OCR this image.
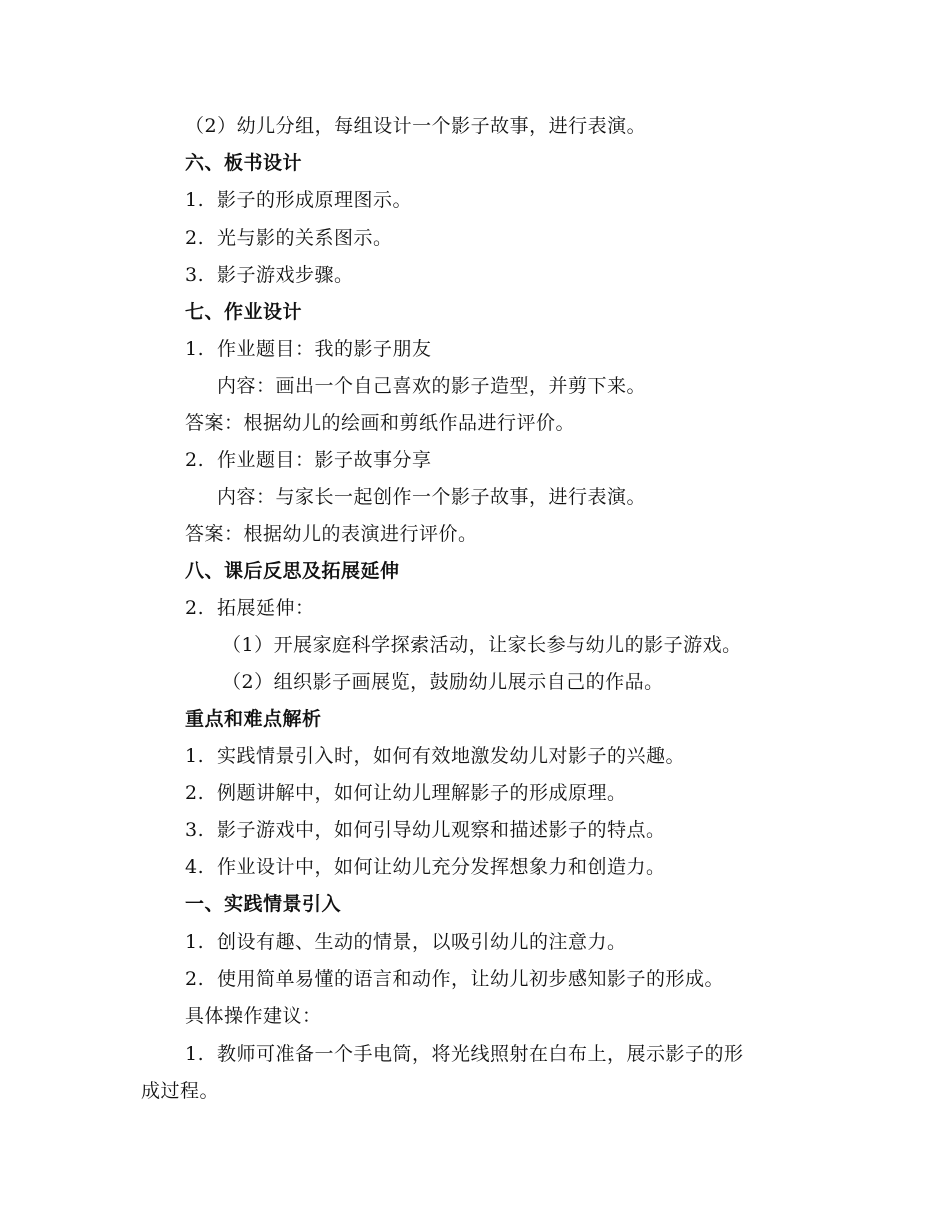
（2）幼儿分组，每组设计一个影子故事，进行表演。
六、板书设计
1. 影子的形成原理图示。
2. 光与影的关系图示。
3. 影子游戏步骤。
七、作业设计
1. 作业题目：我的影子朋友
内容：画出一个自己喜欢的影子造型，并剪下来。
答案：根据幼儿的绘画和剪纸作品进行评价。
2. 作业题目：影子故事分享
内容：与家长一起创作一个影子故事，进行表演。
答案：根据幼儿的表演进行评价。
八、课后反思及拓展延伸
2. 拓展延伸：
（1）开展家庭科学探索活动，让家长参与幼儿的影子游戏。
（2）组织影子画展览，鼓励幼儿展示自己的作品。
重点和难点解析
1. 实践情景引入时，如何有效地激发幼儿对影子的兴趣。
2. 例题讲解中，如何让幼儿理解影子的形成原理。
3. 影子游戏中，如何引导幼儿观察和描述影子的特点。
4. 作业设计中，如何让幼儿充分发挥想象力和创造力。
一、实践情景引入
1. 创设有趣、生动的情景，以吸引幼儿的注意力。
2. 使用简单易懂的语言和动作，让幼儿初步感知影子的形成。
具体操作建议：
1. 教师可准备一个手电筒，将光线照射在白布上，展示影子的形
成过程。
